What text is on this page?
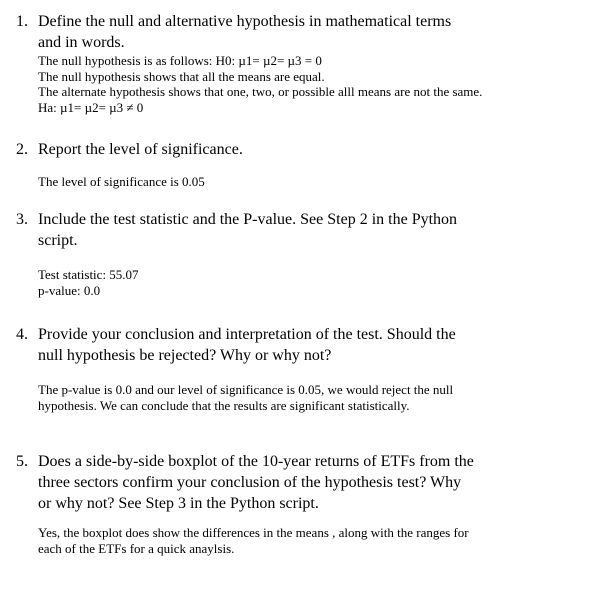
1. Define the null and alternative hypothesis in mathematical terms
and in words.
The null hypothesis is as follows: H0: µ1= µ2= µ3 = 0
The null hypothesis shows that all the means are equal.
The alternate hypothesis shows that one, two, or possible alll means are not the same.
Ha: µ1= µ2= µ3 ≠ 0
2. Report the level of significance.
The level of significance is 0.05
3. Include the test statistic and the P-value. See Step 2 in the Python
script.
Test statistic: 55.07
p-value: 0.0
4. Provide your conclusion and interpretation of the test. Should the
null hypothesis be rejected? Why or why not?
The p-value is 0.0 and our level of significance is 0.05, we would reject the null
hypothesis. We can conclude that the results are significant statistically.
5. Does a side-by-side boxplot of the 10-year returns of ETFs from the
three sectors confirm your conclusion of the hypothesis test? Why
or why not? See Step 3 in the Python script.
Yes, the boxplot does show the differences in the means , along with the ranges for
each of the ETFs for a quick anaylsis.
